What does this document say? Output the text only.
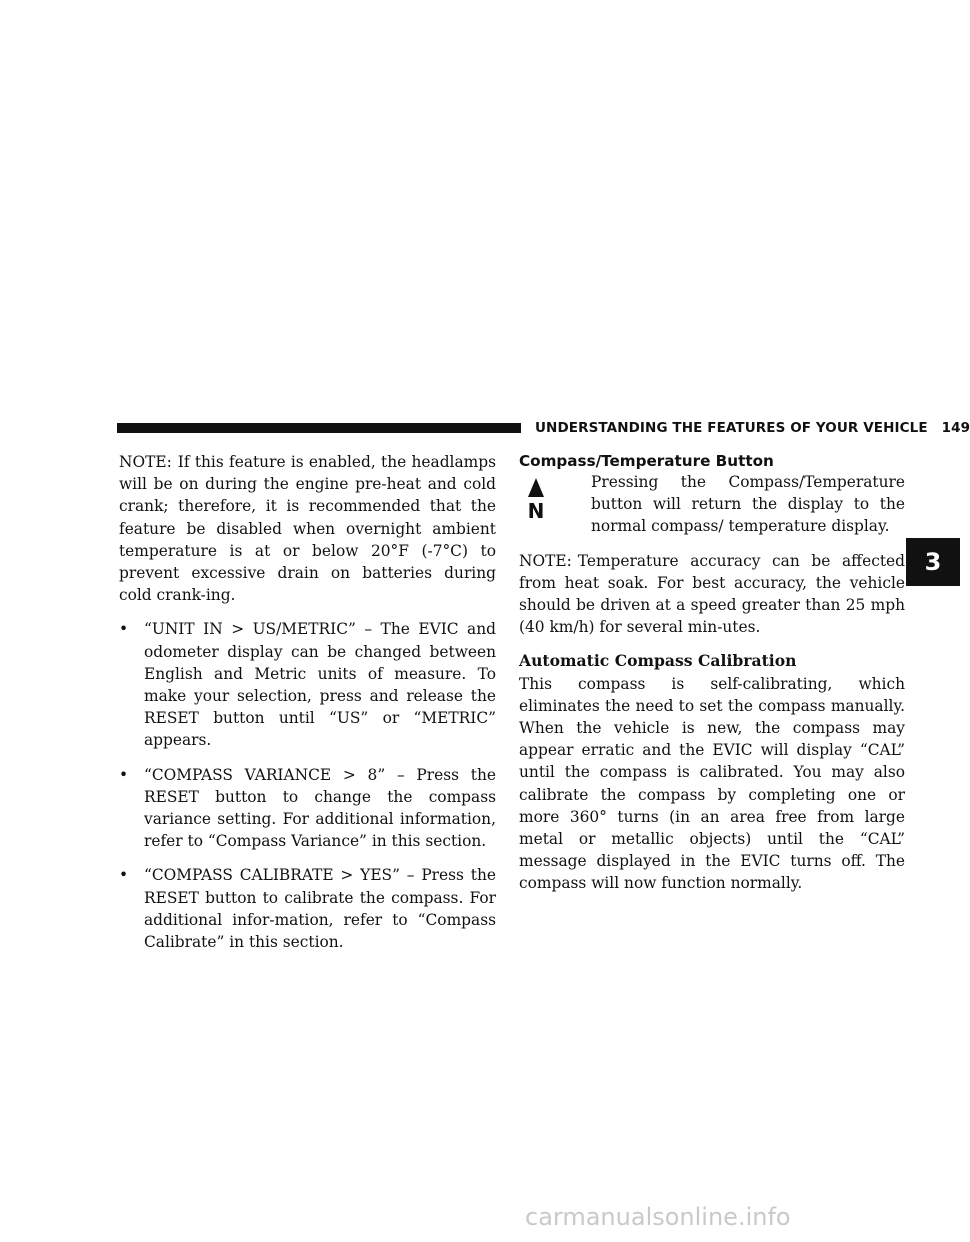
UNDERSTANDING THE FEATURES OF YOUR VEHICLE 149

NOTE: If this feature is enabled, the headlamps will be on during the engine pre-heat and cold crank; therefore, it is recommended that the feature be disabled when overnight ambient temperature is at or below 20°F (-7°C) to prevent excessive drain on batteries during cold crank-ing.

• “UNIT IN > US/METRIC” – The EVIC and odometer display can be changed between English and Metric units of measure. To make your selection, press and release the RESET button until “US” or “METRIC” appears.

• “COMPASS VARIANCE > 8” – Press the RESET button to change the compass variance setting. For additional information, refer to “Compass Variance” in this section.

• “COMPASS CALIBRATE > YES” – Press the RESET button to calibrate the compass. For additional infor-mation, refer to “Compass Calibrate” in this section.

Compass/Temperature Button

N

Pressing the Compass/Temperature button will return the display to the normal compass/ temperature display.

NOTE: Temperature accuracy can be affected from heat soak. For best accuracy, the vehicle should be driven at a speed greater than 25 mph (40 km/h) for several min-utes.

Automatic Compass Calibration

This compass is self-calibrating, which eliminates the need to set the compass manually. When the vehicle is new, the compass may appear erratic and the EVIC will display “CAL” until the compass is calibrated. You may also calibrate the compass by completing one or more 360° turns (in an area free from large metal or metallic objects) until the “CAL” message displayed in the EVIC turns off. The compass will now function normally.

3
carmanualsonline.info
